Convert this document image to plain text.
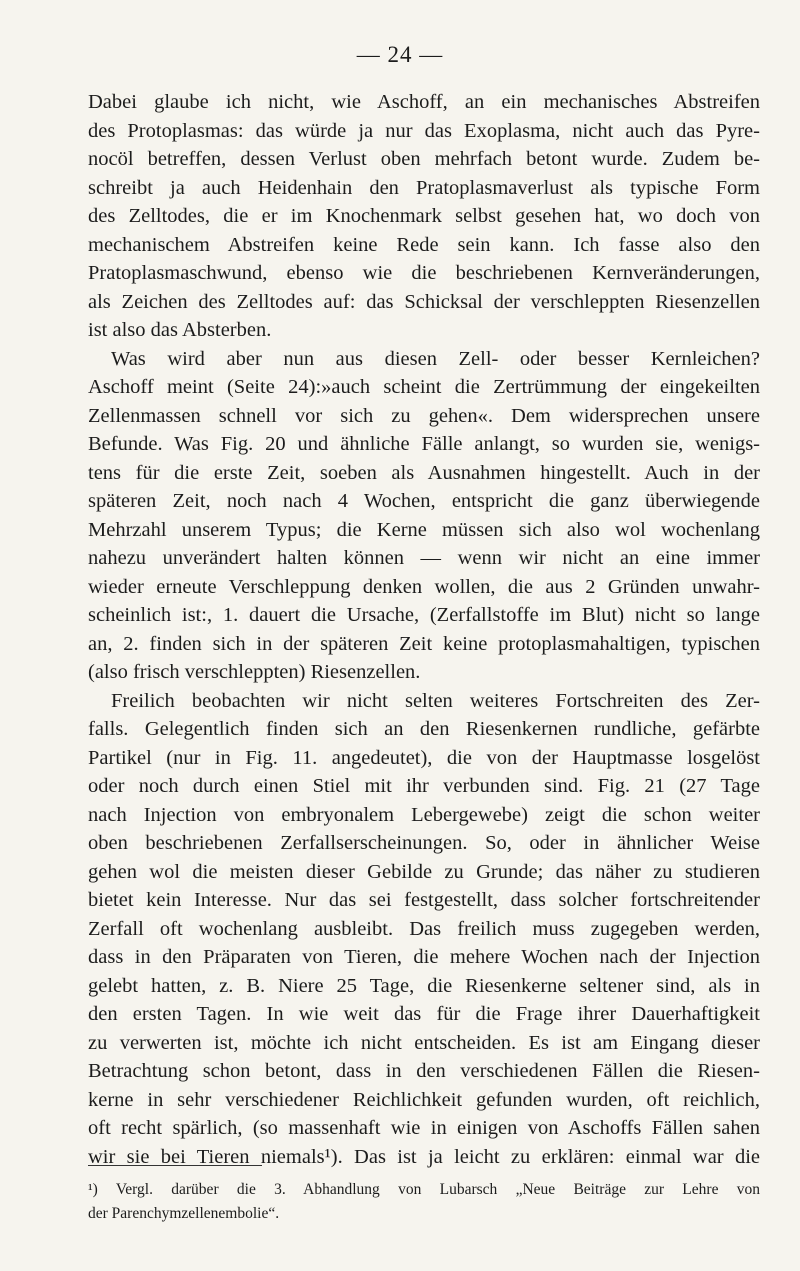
— 24 —

Dabei glaube ich nicht, wie Aschoff, an ein mechanisches Abstreifen
des Protoplasmas: das würde ja nur das Exoplasma, nicht auch das Pyre-
nocöl betreffen, dessen Verlust oben mehrfach betont wurde. Zudem be-
schreibt ja auch Heidenhain den Pratoplasmaverlust als typische Form
des Zelltodes, die er im Knochenmark selbst gesehen hat, wo doch von
mechanischem Abstreifen keine Rede sein kann. Ich fasse also den
Pratoplasmaschwund, ebenso wie die beschriebenen Kernveränderungen,
als Zeichen des Zelltodes auf: das Schicksal der verschleppten Riesenzellen
ist also das Absterben.

Was wird aber nun aus diesen Zell- oder besser Kernleichen?
Aschoff meint (Seite 24):»auch scheint die Zertrümmung der eingekeilten
Zellenmassen schnell vor sich zu gehen«. Dem widersprechen unsere
Befunde. Was Fig. 20 und ähnliche Fälle anlangt, so wurden sie, wenigs-
tens für die erste Zeit, soeben als Ausnahmen hingestellt. Auch in der
späteren Zeit, noch nach 4 Wochen, entspricht die ganz überwiegende
Mehrzahl unserem Typus; die Kerne müssen sich also wol wochenlang
nahezu unverändert halten können — wenn wir nicht an eine immer
wieder erneute Verschleppung denken wollen, die aus 2 Gründen unwahr-
scheinlich ist:, 1. dauert die Ursache, (Zerfallstoffe im Blut) nicht so lange
an, 2. finden sich in der späteren Zeit keine protoplasmahaltigen, typischen
(also frisch verschleppten) Riesenzellen.

Freilich beobachten wir nicht selten weiteres Fortschreiten des Zer-
falls. Gelegentlich finden sich an den Riesenkernen rundliche, gefärbte
Partikel (nur in Fig. 11. angedeutet), die von der Hauptmasse losgelöst
oder noch durch einen Stiel mit ihr verbunden sind. Fig. 21 (27 Tage
nach Injection von embryonalem Lebergewebe) zeigt die schon weiter
oben beschriebenen Zerfallserscheinungen. So, oder in ähnlicher Weise
gehen wol die meisten dieser Gebilde zu Grunde; das näher zu studieren
bietet kein Interesse. Nur das sei festgestellt, dass solcher fortschreitender
Zerfall oft wochenlang ausbleibt. Das freilich muss zugegeben werden,
dass in den Präparaten von Tieren, die mehere Wochen nach der Injection
gelebt hatten, z. B. Niere 25 Tage, die Riesenkerne seltener sind, als in
den ersten Tagen. In wie weit das für die Frage ihrer Dauerhaftigkeit
zu verwerten ist, möchte ich nicht entscheiden. Es ist am Eingang dieser
Betrachtung schon betont, dass in den verschiedenen Fällen die Riesen-
kerne in sehr verschiedener Reichlichkeit gefunden wurden, oft reichlich,
oft recht spärlich, (so massenhaft wie in einigen von Aschoffs Fällen sahen
wir sie bei Tieren niemals¹). Das ist ja leicht zu erklären: einmal war die

¹) Vergl. darüber die 3. Abhandlung von Lubarsch „Neue Beiträge zur Lehre von
der Parenchymzellenembolie“.
